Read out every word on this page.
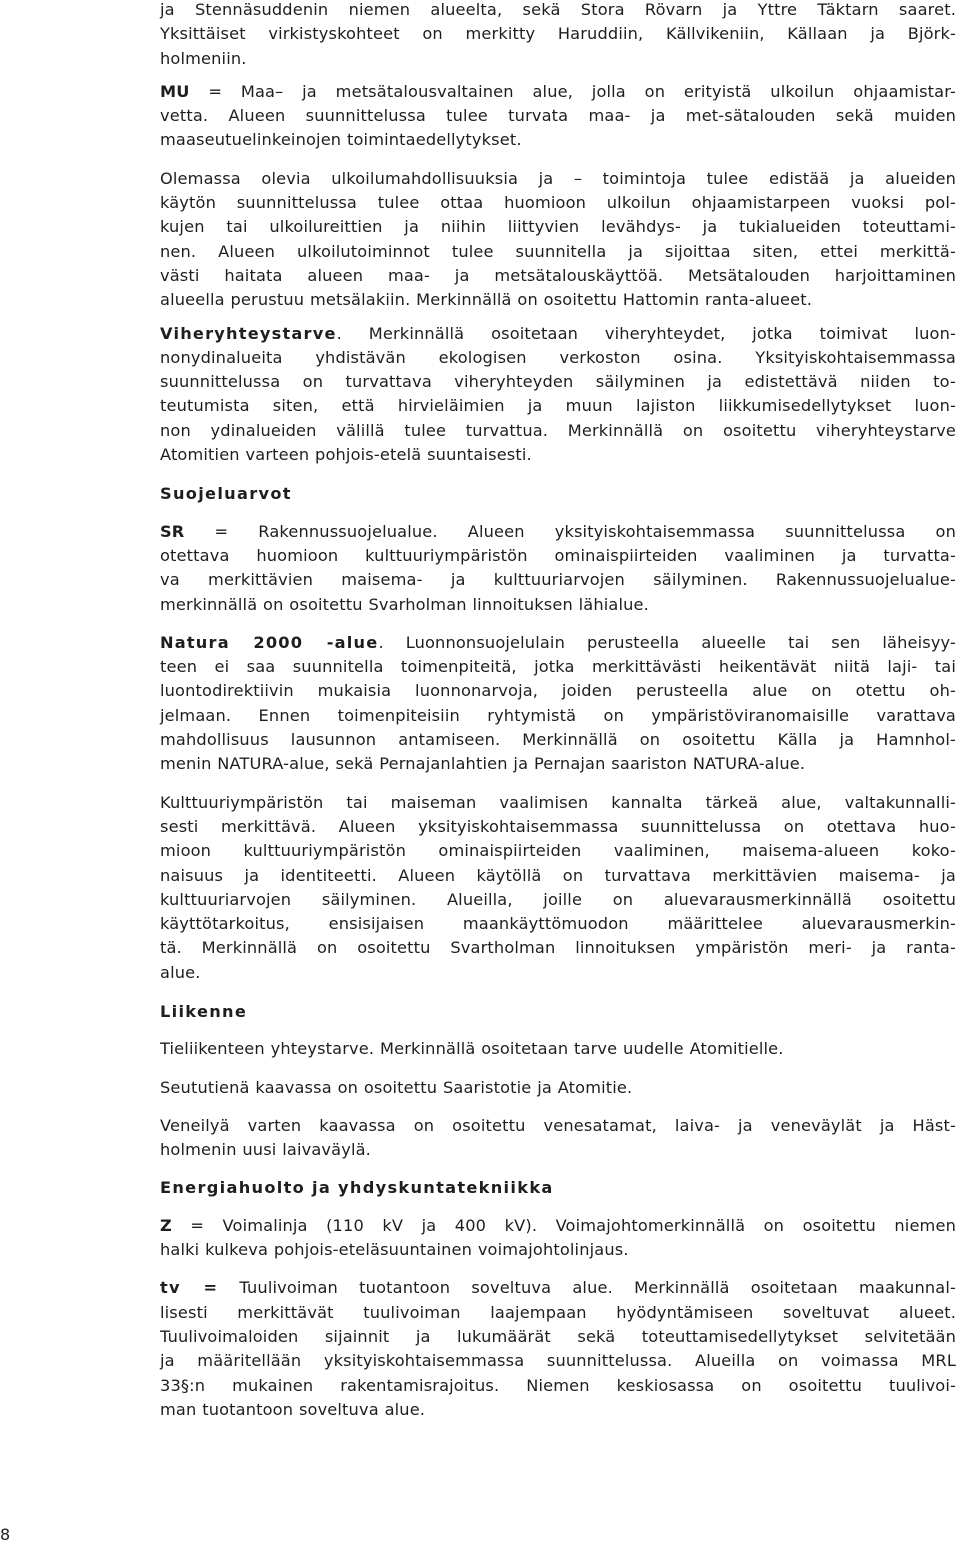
ja Stennäsuddenin niemen alueelta, sekä Stora Rövarn ja Yttre Täktarn saaret.
Yksittäiset virkistyskohteet on merkitty Haruddiin, Källvikeniin, Källaan ja Björk-
holmeniin.
MU = Maa– ja metsätalousvaltainen alue, jolla on erityistä ulkoilun ohjaamistar-
vetta. Alueen suunnittelussa tulee turvata maa- ja met-sätalouden sekä muiden
maaseutuelinkeinojen toimintaedellytykset.
Olemassa olevia ulkoilumahdollisuuksia ja – toimintoja tulee edistää ja alueiden
käytön suunnittelussa tulee ottaa huomioon ulkoilun ohjaamistarpeen vuoksi pol-
kujen tai ulkoilureittien ja niihin liittyvien levähdys- ja tukialueiden toteuttami-
nen. Alueen ulkoilutoiminnot tulee suunnitella ja sijoittaa siten, ettei merkittä-
västi haitata alueen maa- ja metsätalouskäyttöä. Metsätalouden harjoittaminen
alueella perustuu metsälakiin. Merkinnällä on osoitettu Hattomin ranta-alueet.
Viheryhteystarve. Merkinnällä osoitetaan viheryhteydet, jotka toimivat luon-
nonydinalueita yhdistävän ekologisen verkoston osina. Yksityiskohtaisemmassa
suunnittelussa on turvattava viheryhteyden säilyminen ja edistettävä niiden to-
teutumista siten, että hirvieläimien ja muun lajiston liikkumisedellytykset luon-
non ydinalueiden välillä tulee turvattua. Merkinnällä on osoitettu viheryhteystarve
Atomitien varteen pohjois-etelä suuntaisesti.
Suojeluarvot
SR = Rakennussuojelualue. Alueen yksityiskohtaisemmassa suunnittelussa on
otettava huomioon kulttuuriympäristön ominaispiirteiden vaaliminen ja turvatta-
va merkittävien maisema- ja kulttuuriarvojen säilyminen. Rakennussuojelualue-
merkinnällä on osoitettu Svarholman linnoituksen lähialue.
Natura 2000 -alue. Luonnonsuojelulain perusteella alueelle tai sen läheisyy-
teen ei saa suunnitella toimenpiteitä, jotka merkittävästi heikentävät niitä laji- tai
luontodirektiivin mukaisia luonnonarvoja, joiden perusteella alue on otettu oh-
jelmaan. Ennen toimenpiteisiin ryhtymistä on ympäristöviranomaisille varattava
mahdollisuus lausunnon antamiseen. Merkinnällä on osoitettu Källa ja Hamnhol-
menin NATURA-alue, sekä Pernajanlahtien ja Pernajan saariston NATURA-alue.
Kulttuuriympäristön tai maiseman vaalimisen kannalta tärkeä alue, valtakunnalli-
sesti merkittävä. Alueen yksityiskohtaisemmassa suunnittelussa on otettava huo-
mioon kulttuuriympäristön ominaispiirteiden vaaliminen, maisema-alueen koko-
naisuus ja identiteetti. Alueen käytöllä on turvattava merkittävien maisema- ja
kulttuuriarvojen säilyminen. Alueilla, joille on aluevarausmerkinnällä osoitettu
käyttötarkoitus, ensisijaisen maankäyttömuodon määrittelee aluevarausmerkin-
tä. Merkinnällä on osoitettu Svartholman linnoituksen ympäristön meri- ja ranta-
alue.
Liikenne
Tieliikenteen yhteystarve. Merkinnällä osoitetaan tarve uudelle Atomitielle.
Seututienä kaavassa on osoitettu Saaristotie ja Atomitie.
Veneilyä varten kaavassa on osoitettu venesatamat, laiva- ja veneväylät ja Häst-
holmenin uusi laivaväylä.
Energiahuolto ja yhdyskuntatekniikka
Z = Voimalinja (110 kV ja 400 kV). Voimajohtomerkinnällä on osoitettu niemen
halki kulkeva pohjois-eteläsuuntainen voimajohtolinjaus.
tv = Tuulivoiman tuotantoon soveltuva alue. Merkinnällä osoitetaan maakunnal-
lisesti merkittävät tuulivoiman laajempaan hyödyntämiseen soveltuvat alueet.
Tuulivoimaloiden sijainnit ja lukumäärät sekä toteuttamisedellytykset selvitetään
ja määritellään yksityiskohtaisemmassa suunnittelussa. Alueilla on voimassa MRL
33§:n mukainen rakentamisrajoitus. Niemen keskiosassa on osoitettu tuulivoi-
man tuotantoon soveltuva alue.
8
